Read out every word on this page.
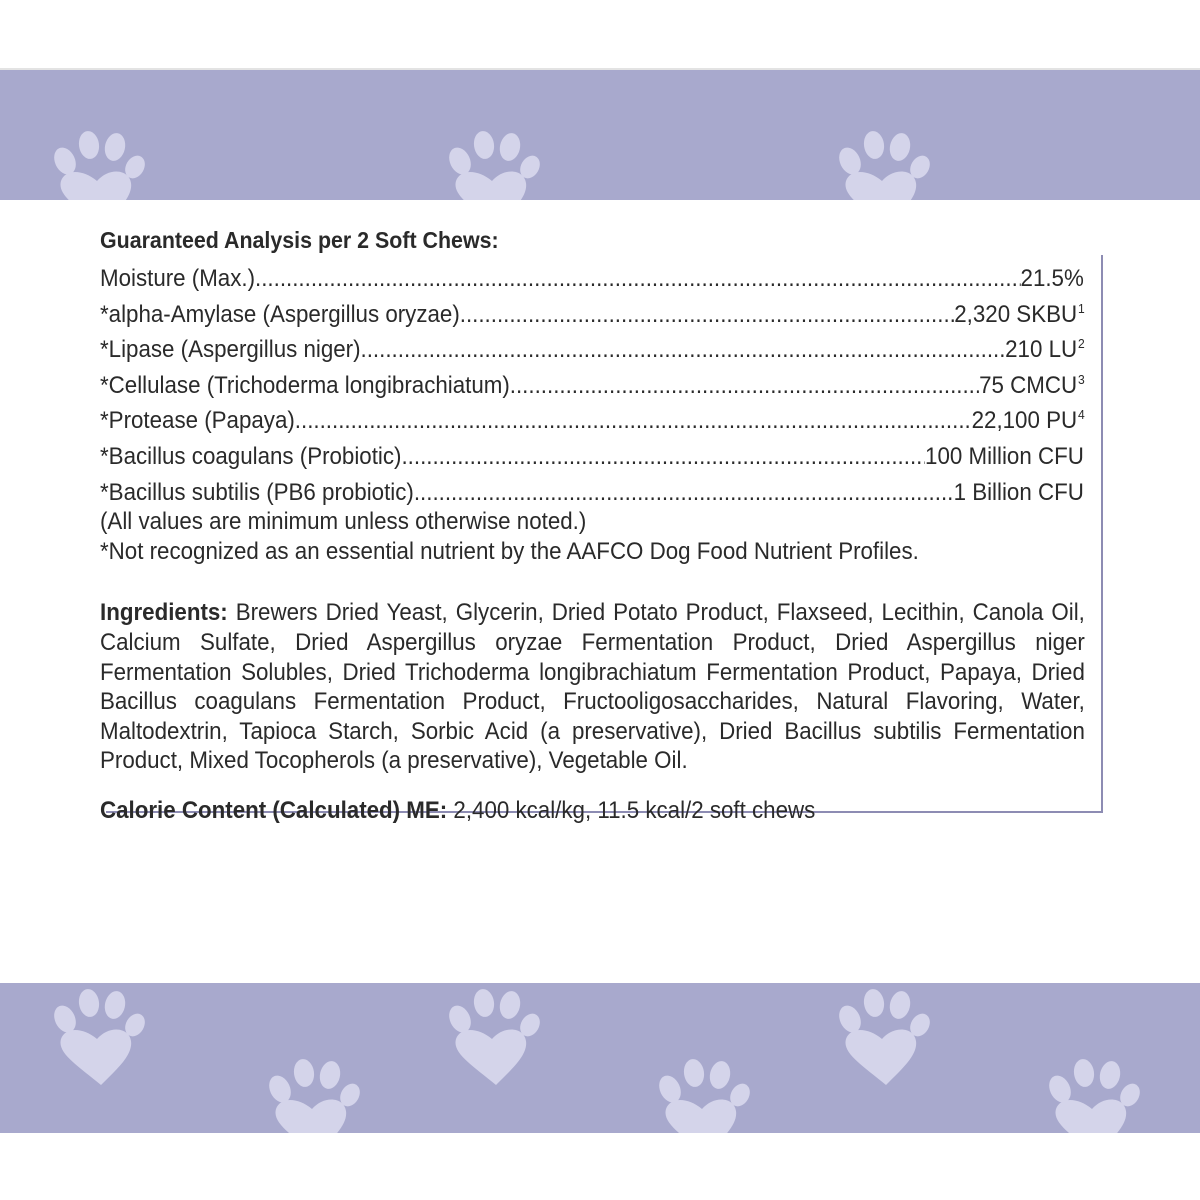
Guaranteed Analysis per 2 Soft Chews:
Moisture (Max.) .....	21.5%
*alpha-Amylase (Aspergillus oryzae) .....	2,320 SKBU$^1$
*Lipase (Aspergillus niger) .....	210 $LU^2$
*Cellulase (Trichoderma longibrachiatum) .....	75 CMCU$^3$
*Protease (Papaya) .....	22,100 $PU^4$
*Bacillus coagulans (Probiotic) .....	100 Million CFU
*Bacillus subtilis (PB6 probiotic) .....	1 Billion CFU
(All values are minimum unless otherwise noted.)
*Not recognized as an essential nutrient by the AAFCO Dog Food Nutrient Profiles.
Ingredients: Brewers Dried Yeast, Glycerin, Dried Potato Product, Flaxseed, Lecithin, Canola Oil, Calcium Sulfate, Dried Aspergillus oryzae Fermentation Product, Dried Aspergillus niger Fermentation Solubles, Dried Trichoderma longibrachiatum Fermentation Product, Papaya, Dried Bacillus coagulans Fermentation Product, Fructooligosaccharides, Natural Flavoring, Water, Maltodextrin, Tapioca Starch, Sorbic Acid (a preservative), Dried Bacillus subtilis Fermentation Product, Mixed Tocopherols (a preservative), Vegetable Oil.
Calorie Content (Calculated) ME: 2,400 kcal/kg, 11.5 kcal/2 soft chews
